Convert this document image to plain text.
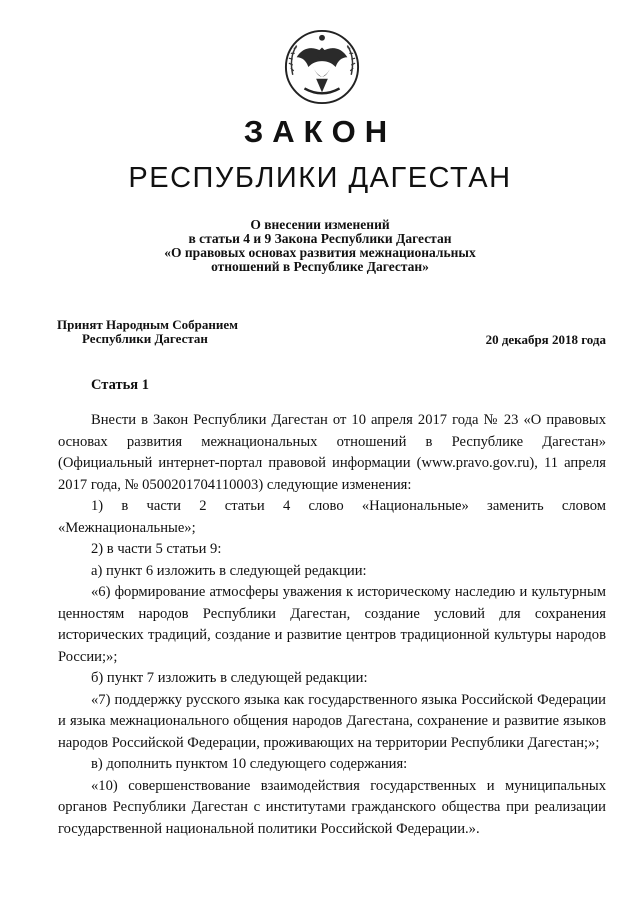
ЗАКОН
РЕСПУБЛИКИ ДАГЕСТАН
О внесении изменений
в статьи 4 и 9 Закона Республики Дагестан
«О правовых основах развития межнациональных
отношений в Республике Дагестан»
Принят Народным Собранием
Республики Дагестан	20 декабря 2018 года
Статья 1

Внести в Закон Республики Дагестан от 10 апреля 2017 года № 23 «О правовых основах развития межнациональных отношений в Республике Дагестан» (Официальный интернет-портал правовой информации (www.pravo.gov.ru), 11 апреля 2017 года, № 0500201704110003) следующие изменения:

1) в части 2 статьи 4 слово «Национальные» заменить словом «Межнациональные»;

2) в части 5 статьи 9:

а) пункт 6 изложить в следующей редакции:

«6) формирование атмосферы уважения к историческому наследию и культурным ценностям народов Республики Дагестан, создание условий для сохранения исторических традиций, создание и развитие центров традиционной культуры народов России;»;

б) пункт 7 изложить в следующей редакции:

«7) поддержку русского языка как государственного языка Российской Федерации и языка межнационального общения народов Дагестана, сохранение и развитие языков народов Российской Федерации, проживающих на территории Республики Дагестан;»;

в) дополнить пунктом 10 следующего содержания:

«10) совершенствование взаимодействия государственных и муниципальных органов Республики Дагестан с институтами гражданского общества при реализации государственной национальной политики Российской Федерации.».
